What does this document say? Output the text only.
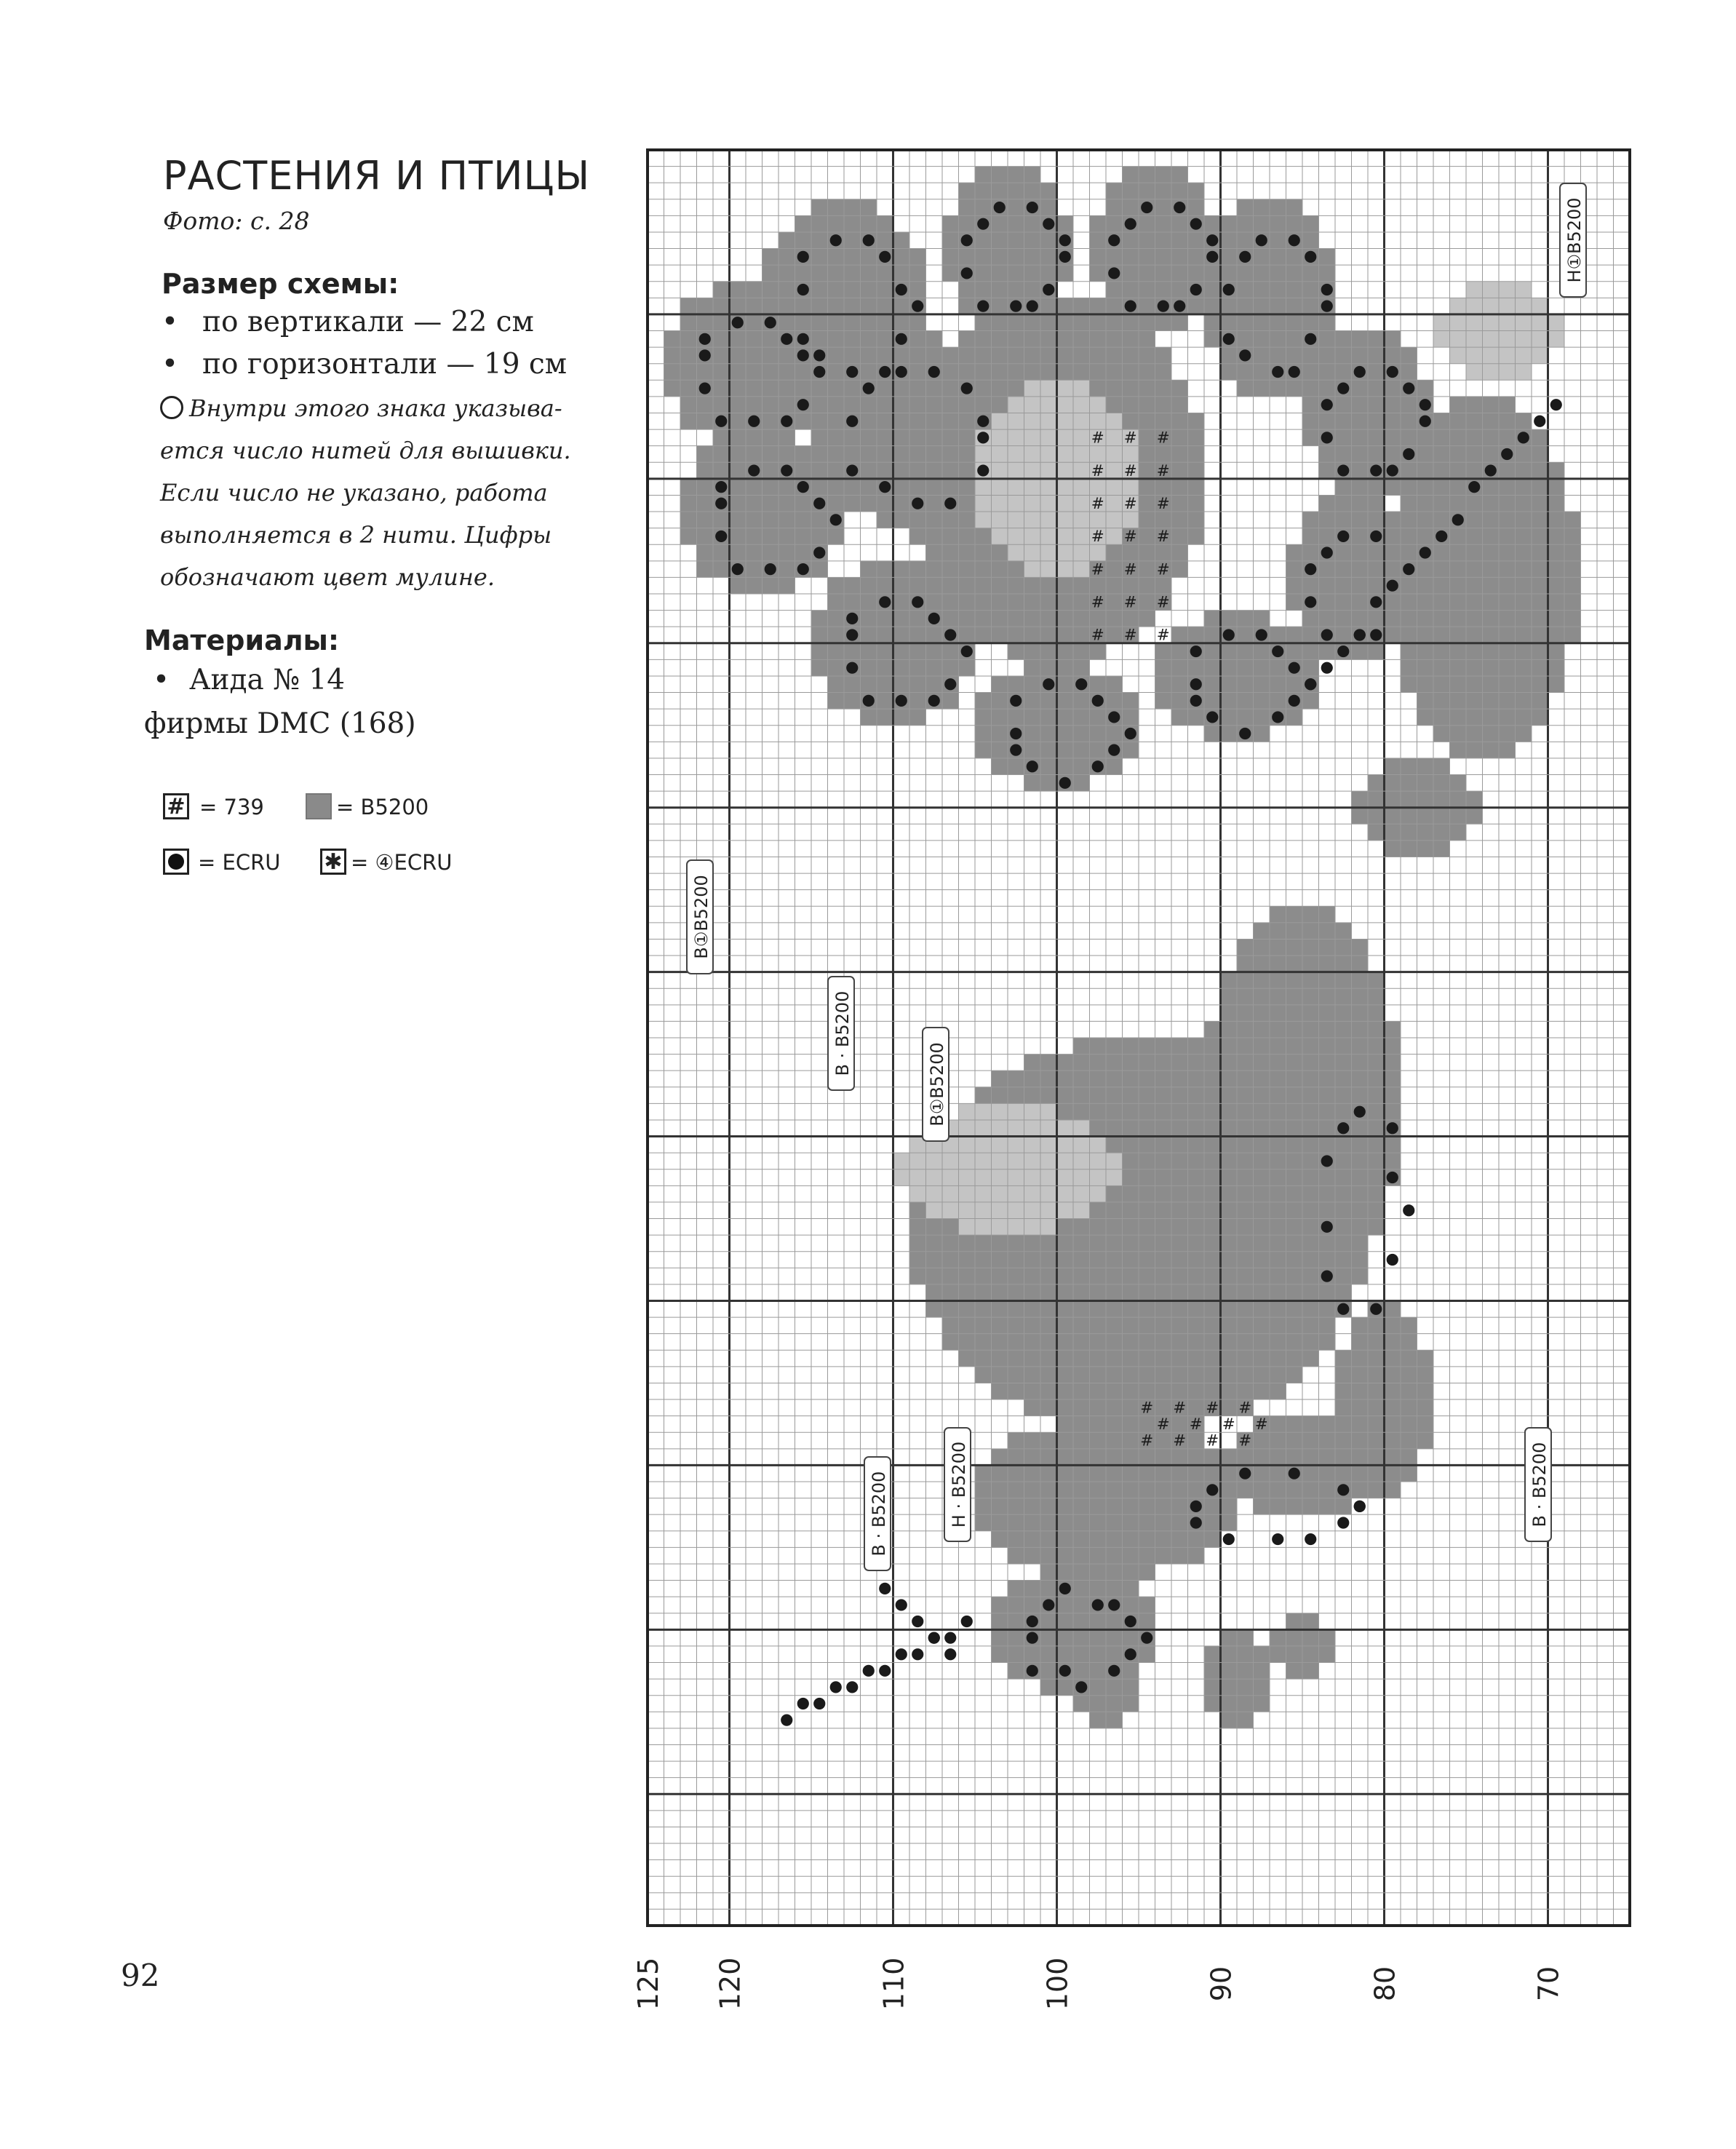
РАСТЕНИЯ И ПТИЦЫ
Фото: с. 28
Размер схемы:
• по вертикали — 22 см
• по горизонтали — 19 см
Внутри этого знака указыва-
ется число нитей для вышивки.
Если число не указано, работа
выполняется в 2 нити. Цифры
обозначают цвет мулине.
Материалы:
• Аида № 14
фирмы DMC (168)
# = 739	= B5200
= ECRU ✱ = ④ECRU
92
# # #
# # #
# # #
# # #
# # #
# # #
# # #
#
#
#
#
#
#
#
#
#
#
#
#
125 120	110	100	90	80	70
H①B5200
B①B5200
B · B5200
B①B5200
H · B5200
B · B5200	B · B5200
